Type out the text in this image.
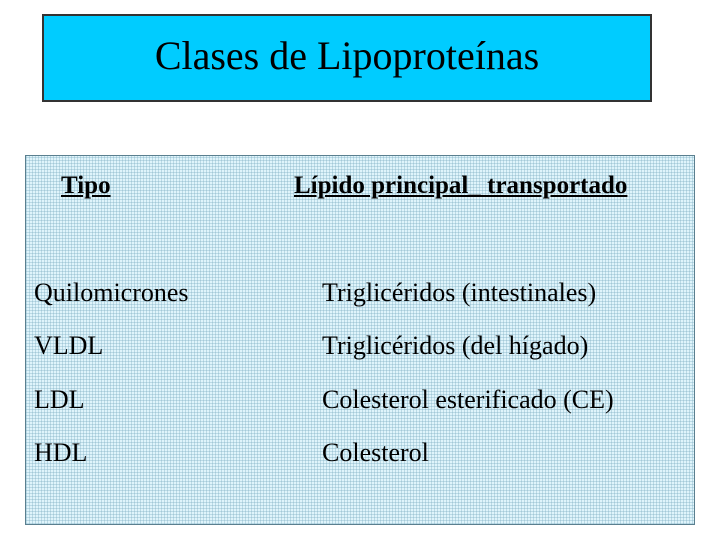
Clases de Lipoproteínas
Tipo	Lípido principal_ transportado
Quilomicrones	Triglicéridos (intestinales)
VLDL	Triglicéridos (del hígado)
LDL	Colesterol esterificado (CE)
HDL	Colesterol
